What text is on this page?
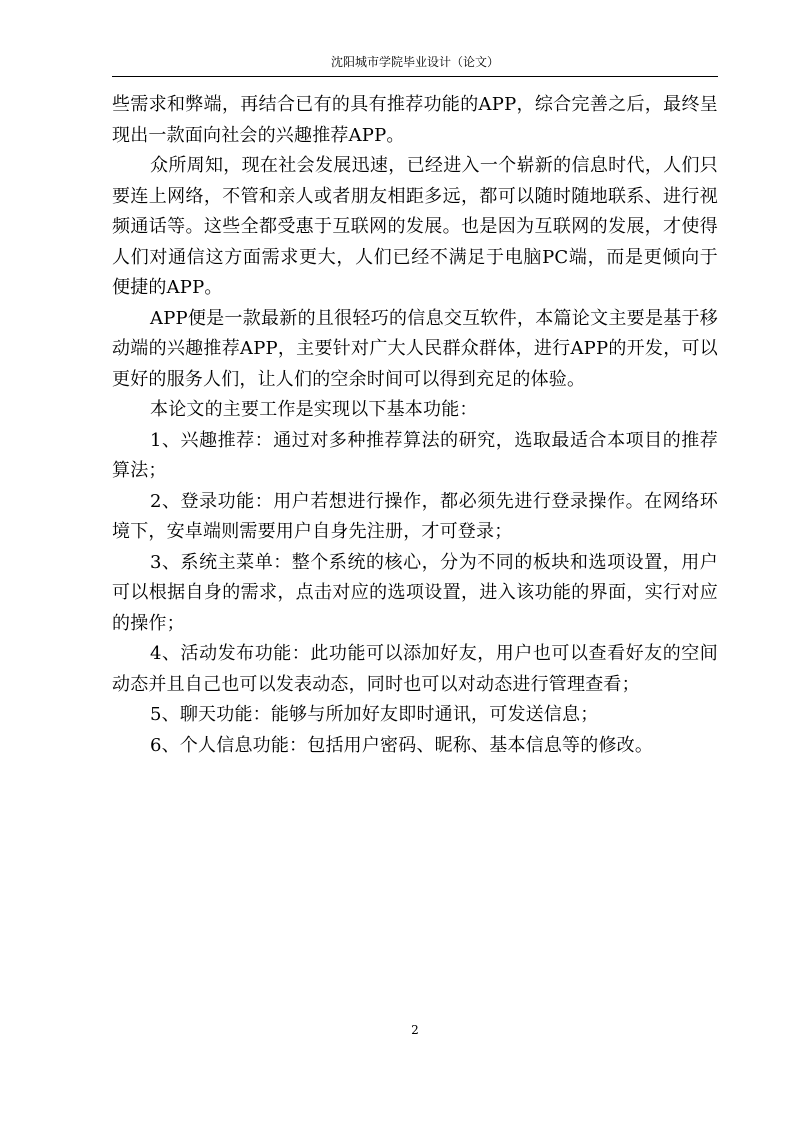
沈阳城市学院毕业设计（论文）

些需求和弊端，再结合已有的具有推荐功能的APP，综合完善之后，最终呈现出一款面向社会的兴趣推荐APP。

众所周知，现在社会发展迅速，已经进入一个崭新的信息时代，人们只要连上网络，不管和亲人或者朋友相距多远，都可以随时随地联系、进行视频通话等。这些全都受惠于互联网的发展。也是因为互联网的发展，才使得人们对通信这方面需求更大，人们已经不满足于电脑PC端，而是更倾向于便捷的APP。

APP便是一款最新的且很轻巧的信息交互软件，本篇论文主要是基于移动端的兴趣推荐APP，主要针对广大人民群众群体，进行APP的开发，可以更好的服务人们，让人们的空余时间可以得到充足的体验。

本论文的主要工作是实现以下基本功能：

1、兴趣推荐：通过对多种推荐算法的研究，选取最适合本项目的推荐算法；

2、登录功能：用户若想进行操作，都必须先进行登录操作。在网络环境下，安卓端则需要用户自身先注册，才可登录；

3、系统主菜单：整个系统的核心，分为不同的板块和选项设置，用户可以根据自身的需求，点击对应的选项设置，进入该功能的界面，实行对应的操作；

4、活动发布功能：此功能可以添加好友，用户也可以查看好友的空间动态并且自己也可以发表动态，同时也可以对动态进行管理查看；

5、聊天功能：能够与所加好友即时通讯，可发送信息；

6、个人信息功能：包括用户密码、昵称、基本信息等的修改。

2
